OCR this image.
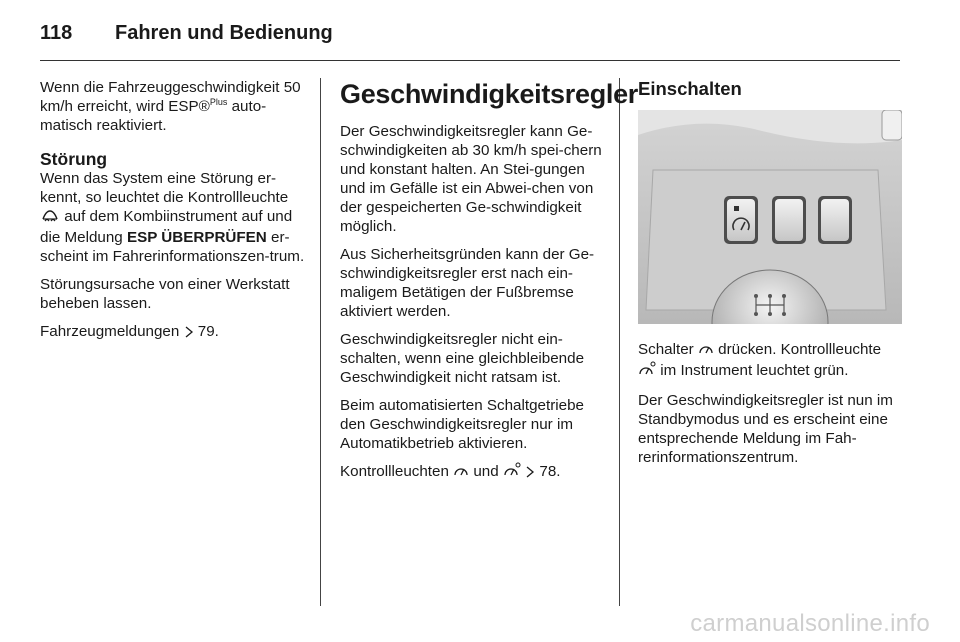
118	Fahren und Bedienung

Wenn die Fahrzeuggeschwindigkeit 50 km/h erreicht, wird ESP®$^{Plus}$ auto-matisch reaktiviert.

Störung

Wenn das System eine Störung er-kennt, so leuchtet die Kontrollleuchte  auf dem Kombiinstrument auf und die Meldung ESP ÜBERPRÜFEN er-scheint im Fahrerinformationszen-trum.

Störungsursache von einer Werkstatt beheben lassen.

Fahrzeugmeldungen  79.

Geschwindigkeitsregler

Der Geschwindigkeitsregler kann Ge-schwindigkeiten ab 30 km/h spei-chern und konstant halten. An Stei-gungen und im Gefälle ist ein Abwei-chen von der gespeicherten Ge-schwindigkeit möglich.

Aus Sicherheitsgründen kann der Ge-schwindigkeitsregler erst nach ein-maligem Betätigen der Fußbremse aktiviert werden.

Geschwindigkeitsregler nicht ein-schalten, wenn eine gleichbleibende Geschwindigkeit nicht ratsam ist.

Beim automatisierten Schaltgetriebe den Geschwindigkeitsregler nur im Automatikbetrieb aktivieren.

Kontrollleuchten  und   78.

Einschalten

Schalter  drücken. Kontrollleuchte  im Instrument leuchtet grün.

Der Geschwindigkeitsregler ist nun im Standbymodus und es erscheint eine entsprechende Meldung im Fah-rerinformationszentrum.

carmanualsonline.info
